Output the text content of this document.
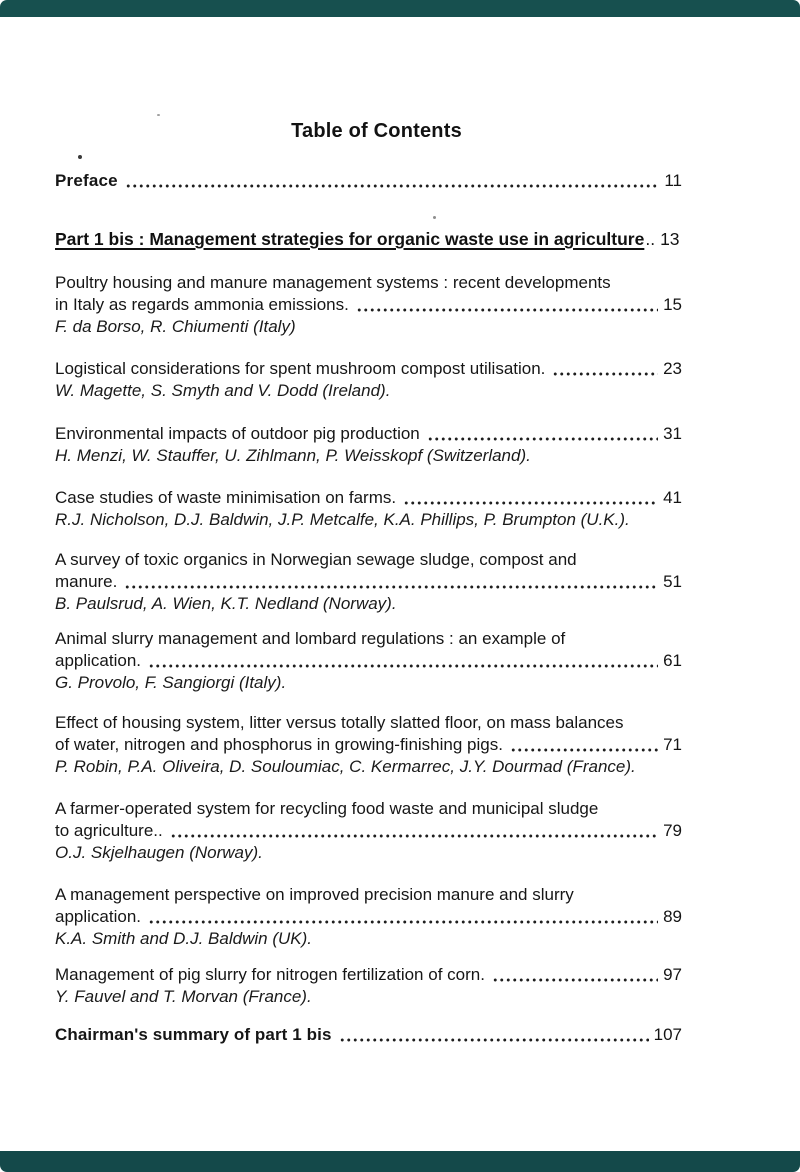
Table of Contents
Preface	11
Part 1 bis : Management strategies for organic waste use in agriculture .. 13
Poultry housing and manure management systems : recent developments
in Italy as regards ammonia emissions.	15
F. da Borso, R. Chiumenti (Italy)
Logistical considerations for spent mushroom compost utilisation.	23
W. Magette, S. Smyth and V. Dodd (Ireland).
Environmental impacts of outdoor pig production	31
H. Menzi, W. Stauffer, U. Zihlmann, P. Weisskopf (Switzerland).
Case studies of waste minimisation on farms.	41
R.J. Nicholson, D.J. Baldwin, J.P. Metcalfe, K.A. Phillips, P. Brumpton (U.K.).
A survey of toxic organics in Norwegian sewage sludge, compost and
manure.	51
B. Paulsrud, A. Wien, K.T. Nedland (Norway).
Animal slurry management and lombard regulations : an example of
application.	61
G. Provolo, F. Sangiorgi (Italy).
Effect of housing system, litter versus totally slatted floor, on mass balances
of water, nitrogen and phosphorus in growing-finishing pigs.	71
P. Robin, P.A. Oliveira, D. Souloumiac, C. Kermarrec, J.Y. Dourmad (France).
A farmer-operated system for recycling food waste and municipal sludge
to agriculture..	79
O.J. Skjelhaugen (Norway).
A management perspective on improved precision manure and slurry
application.	89
K.A. Smith and D.J. Baldwin (UK).
Management of pig slurry for nitrogen fertilization of corn.	97
Y. Fauvel and T. Morvan (France).
Chairman's summary of part 1 bis	107
